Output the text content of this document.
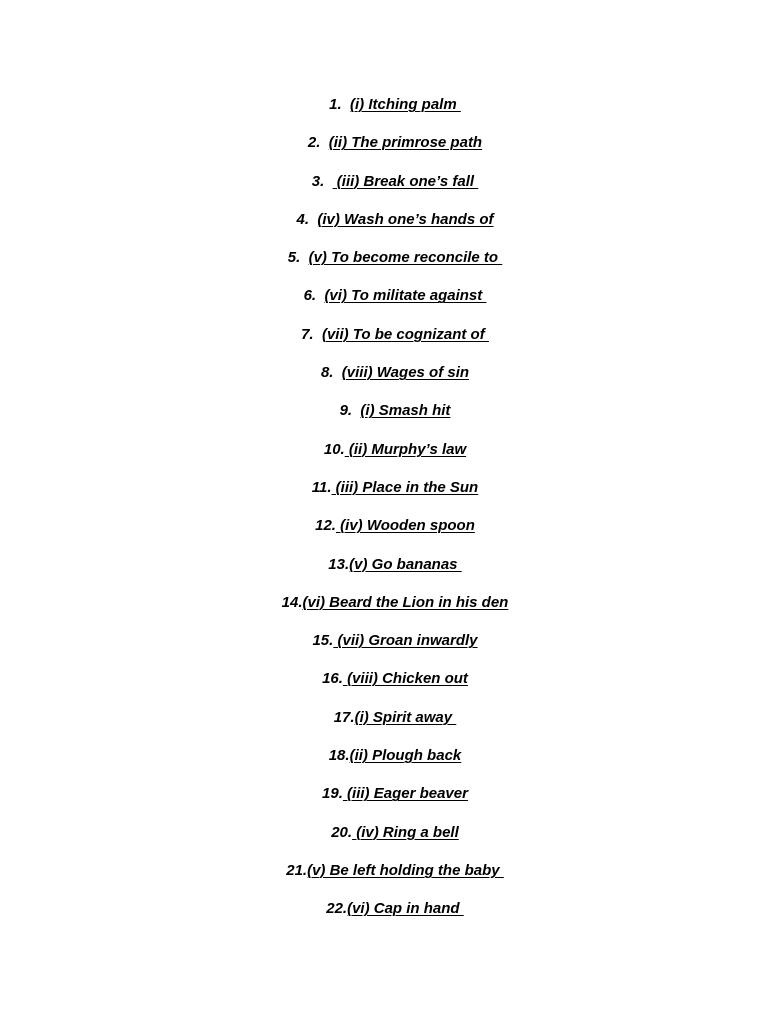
1.  (i) Itching palm
2.  (ii) The primrose path
3.   (iii) Break one’s fall
4.  (iv) Wash one’s hands of
5.  (v) To become reconcile to
6.  (vi) To militate against
7.  (vii) To be cognizant of
8.  (viii) Wages of sin
9.  (i) Smash hit
10. (ii) Murphy’s law
11. (iii) Place in the Sun
12. (iv) Wooden spoon
13.(v) Go bananas
14.(vi) Beard the Lion in his den
15. (vii) Groan inwardly
16. (viii) Chicken out
17.(i) Spirit away
18.(ii) Plough back
19. (iii) Eager beaver
20. (iv) Ring a bell
21.(v) Be left holding the baby
22.(vi) Cap in hand
